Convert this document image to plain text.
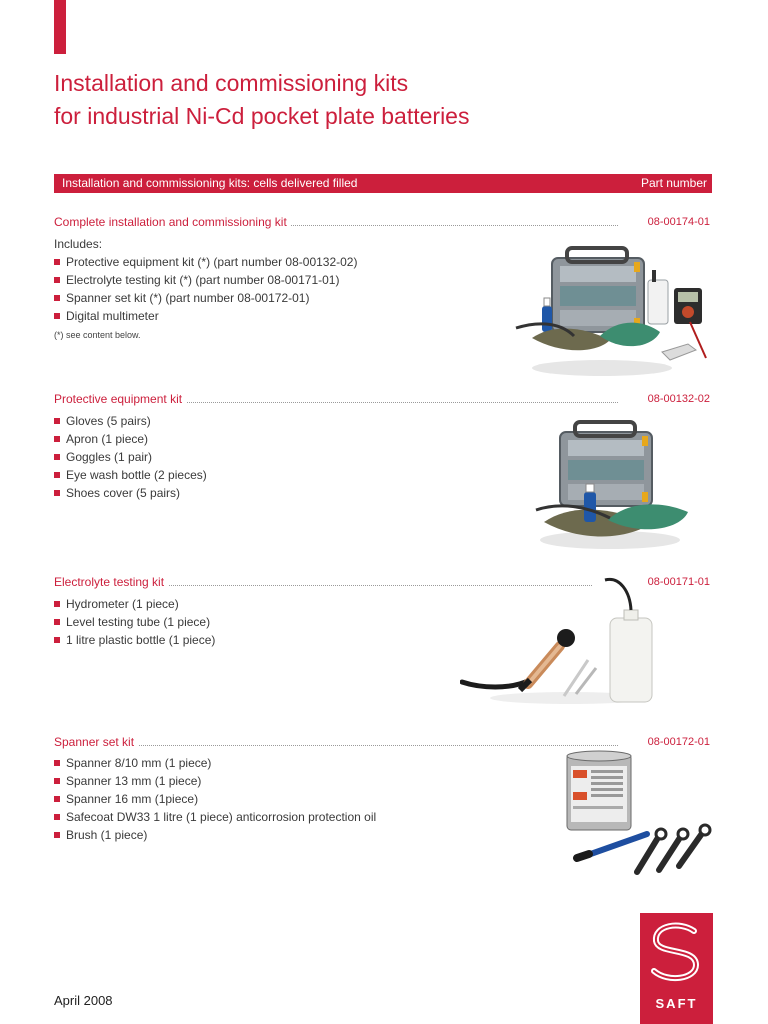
Installation and commissioning kits
for industrial Ni-Cd pocket plate batteries
Installation and commissioning kits: cells delivered filled	Part number
Complete installation and commissioning kit	08-00174-01
Includes:
Protective equipment kit (*) (part number 08-00132-02)
Electrolyte testing kit (*) (part number 08-00171-01)
Spanner set kit (*) (part number 08-00172-01)
Digital multimeter
(*) see content below.
Protective equipment kit	08-00132-02
Gloves (5 pairs)
Apron (1 piece)
Goggles (1 pair)
Eye wash bottle (2 pieces)
Shoes cover (5 pairs)
Electrolyte testing kit	08-00171-01
Hydrometer (1 piece)
Level testing tube (1 piece)
1 litre plastic bottle (1 piece)
Spanner set kit	08-00172-01
Spanner 8/10 mm (1 piece)
Spanner 13 mm (1 piece)
Spanner 16 mm (1piece)
Safecoat DW33 1 litre (1 piece) anticorrosion protection oil
Brush (1 piece)
April 2008	SAFT
